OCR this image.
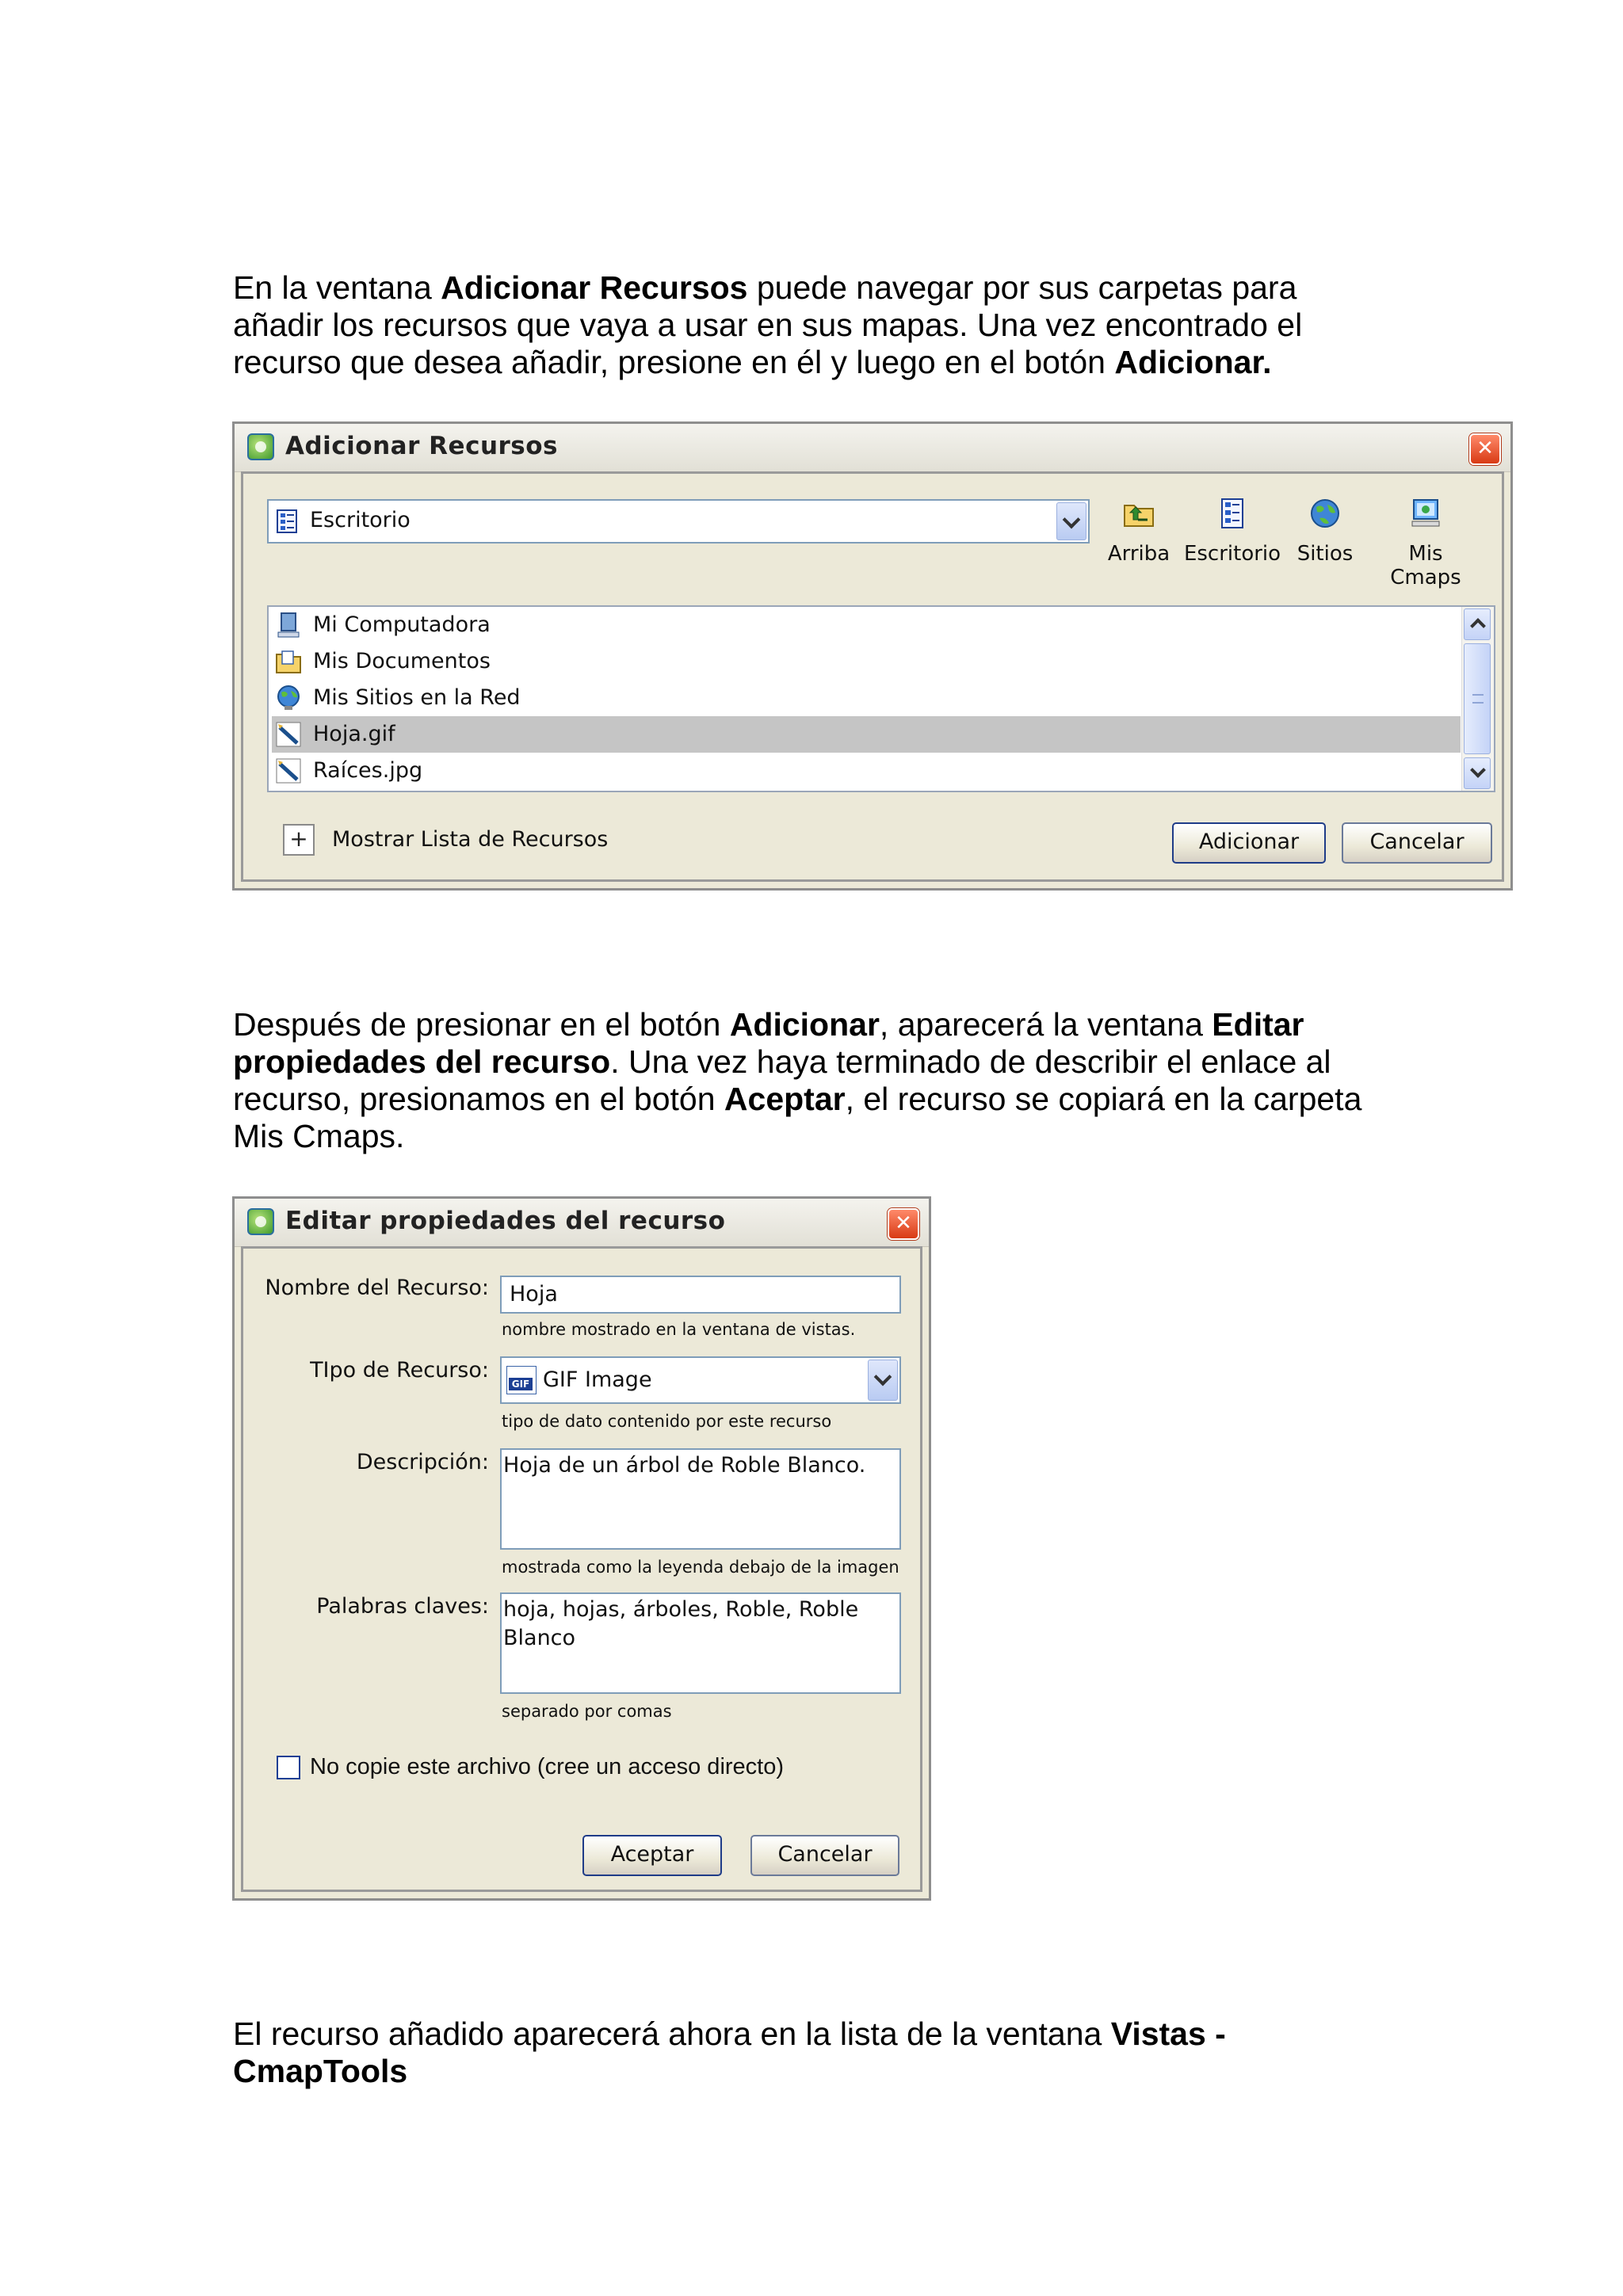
En la ventana Adicionar Recursos puede navegar por sus carpetas para
añadir los recursos que vaya a usar en sus mapas. Una vez encontrado el
recurso que desea añadir, presione en él y luego en el botón Adicionar.
Adicionar Recursos	✕
Escritorio
Arriba Escritorio Sitios	Mis Cmaps
Mi Computadora
Mis Documentos
Mis Sitios en la Red
Hoja.gif
Raíces.jpg
+	Mostrar Lista de Recursos	Adicionar	Cancelar
Después de presionar en el botón Adicionar, aparecerá la ventana Editar
propiedades del recurso. Una vez haya terminado de describir el enlace al
recurso, presionamos en el botón Aceptar, el recurso se copiará en la carpeta
Mis Cmaps.
Editar propiedades del recurso	✕
Nombre del Recurso: Hoja
nombre mostrado en la ventana de vistas.
TIpo de Recurso:
GIF GIF Image
tipo de dato contenido por este recurso
Descripción: Hoja de un árbol de Roble Blanco.
mostrada como la leyenda debajo de la imagen
Palabras claves: hoja, hojas, árboles, Roble, Roble Blanco
separado por comas
No copie este archivo (cree un acceso directo)
Aceptar	Cancelar
El recurso añadido aparecerá ahora en la lista de la ventana Vistas -
CmapTools
